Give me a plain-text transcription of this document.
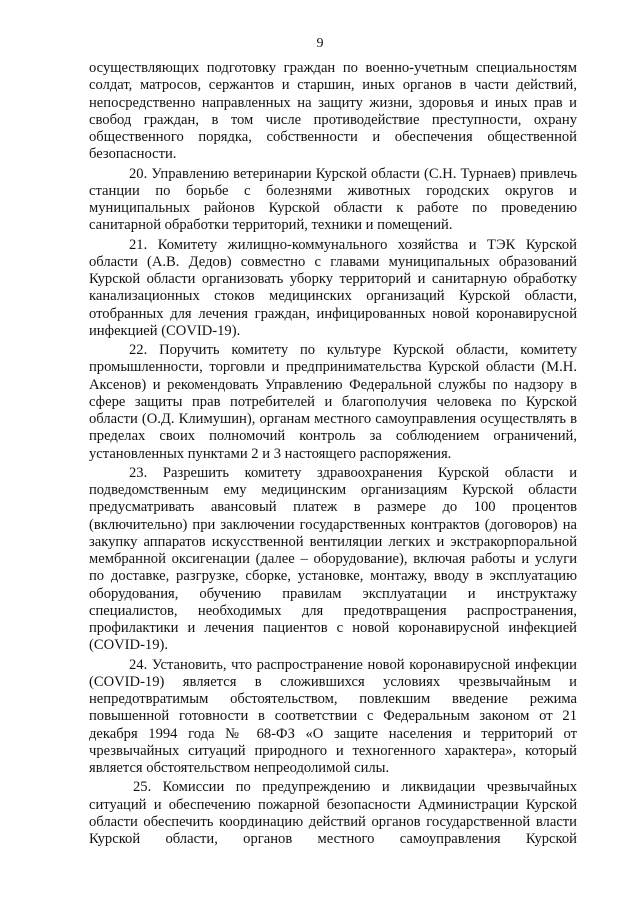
9

осуществляющих подготовку граждан по военно-учетным специальностям солдат, матросов, сержантов и старшин, иных органов в части действий, непосредственно направленных на защиту жизни, здоровья и иных прав и свобод граждан, в том числе противодействие преступности, охрану общественного порядка, собственности и обеспечения общественной безопасности.

20. Управлению ветеринарии Курской области (С.Н. Турнаев) привлечь станции по борьбе с болезнями животных городских округов и муниципальных районов Курской области к работе по проведению санитарной обработки территорий, техники и помещений.

21. Комитету жилищно-коммунального хозяйства и ТЭК Курской области (А.В. Дедов) совместно с главами муниципальных образований Курской области организовать уборку территорий и санитарную обработку канализационных стоков медицинских организаций Курской области, отобранных для лечения граждан, инфицированных новой коронавирусной инфекцией (COVID-19).

22. Поручить комитету по культуре Курской области, комитету промышленности, торговли и предпринимательства Курской области (М.Н. Аксенов) и рекомендовать Управлению Федеральной службы по надзору в сфере защиты прав потребителей и благополучия человека по Курской области (О.Д. Климушин), органам местного самоуправления осуществлять в пределах своих полномочий контроль за соблюдением ограничений, установленных пунктами 2 и 3 настоящего распоряжения.

23. Разрешить комитету здравоохранения Курской области и подведомственным ему медицинским организациям Курской области предусматривать авансовый платеж в размере до 100 процентов (включительно) при заключении государственных контрактов (договоров) на закупку аппаратов искусственной вентиляции легких и экстракорпоральной мембранной оксигенации (далее – оборудование), включая работы и услуги по доставке, разгрузке, сборке, установке, монтажу, вводу в эксплуатацию оборудования, обучению правилам эксплуатации и инструктажу специалистов, необходимых для предотвращения распространения, профилактики и лечения пациентов с новой коронавирусной инфекцией (COVID-19).

24. Установить, что распространение новой коронавирусной инфекции (COVID-19) является в сложившихся условиях чрезвычайным и непредотвратимым обстоятельством, повлекшим введение режима повышенной готовности в соответствии с Федеральным законом от 21 декабря 1994 года № 68-ФЗ «О защите населения и территорий от чрезвычайных ситуаций природного и техногенного характера», который является обстоятельством непреодолимой силы.

25. Комиссии по предупреждению и ликвидации чрезвычайных ситуаций и обеспечению пожарной безопасности Администрации Курской области обеспечить координацию действий органов государственной власти Курской области, органов местного самоуправления Курской
